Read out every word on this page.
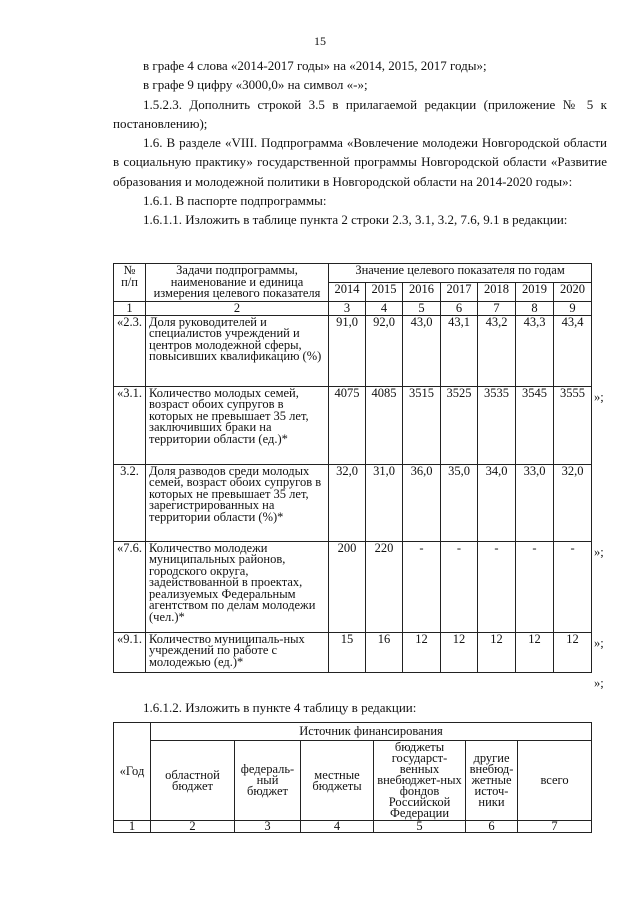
15

в графе 4 слова «2014-2017 годы» на «2014, 2015, 2017 годы»;

в графе 9 цифру «3000,0» на символ «-»;

1.5.2.3. Дополнить строкой 3.5 в прилагаемой редакции (приложение № 5 к постановлению);

1.6. В разделе «VIII. Подпрограмма «Вовлечение молодежи Новгородской области в социальную практику» государственной программы Новгородской области «Развитие образования и молодежной политики в Новгородской области на 2014-2020 годы»:

1.6.1. В паспорте подпрограммы:

1.6.1.1. Изложить в таблице пункта 2 строки 2.3, 3.1, 3.2, 7.6, 9.1 в редакции:

№ п/п	Задачи подпрограммы, наименование и единица измерения целевого показателя	Значение целевого показателя по годам						
		2014	2015	2016	2017	2018	2019	2020
1	2	3	4	5	6	7	8	9
«2.3.	Доля руководителей и специалистов учреждений и центров молодежной сферы, повысивших квалификацию (%)	91,0	92,0	43,0	43,1	43,2	43,3	43,4
«3.1.	Количество молодых семей, возраст обоих супругов в которых не превышает 35 лет, заключивших браки на территории области (ед.)*	4075	4085	3515	3525	3535	3545	3555
3.2.	Доля разводов среди молодых семей, возраст обоих супругов в которых не превышает 35 лет, зарегистрированных на территории области (%)*	32,0	31,0	36,0	35,0	34,0	33,0	32,0
«7.6.	Количество молодежи муниципальных районов, городского округа, задействованной в проектах, реализуемых Федеральным агентством по делам молодежи (чел.)*	200	220	-	-	-	-	-
«9.1.	Количество муниципаль-ных учреждений по работе с молодежью (ед.)*	15	16	12	12	12	12	12
»;
»;
»;
»;
1.6.1.2. Изложить в пункте 4 таблицу в редакции:
«Год	Источник финансирования					
	областной бюджет	федераль-ный бюджет	местные бюджеты	бюджеты государст-венных внебюджет-ных фондов Российской Федерации	другие внебюд-жетные источ-ники	всего
1	2	3	4	5	6	7
